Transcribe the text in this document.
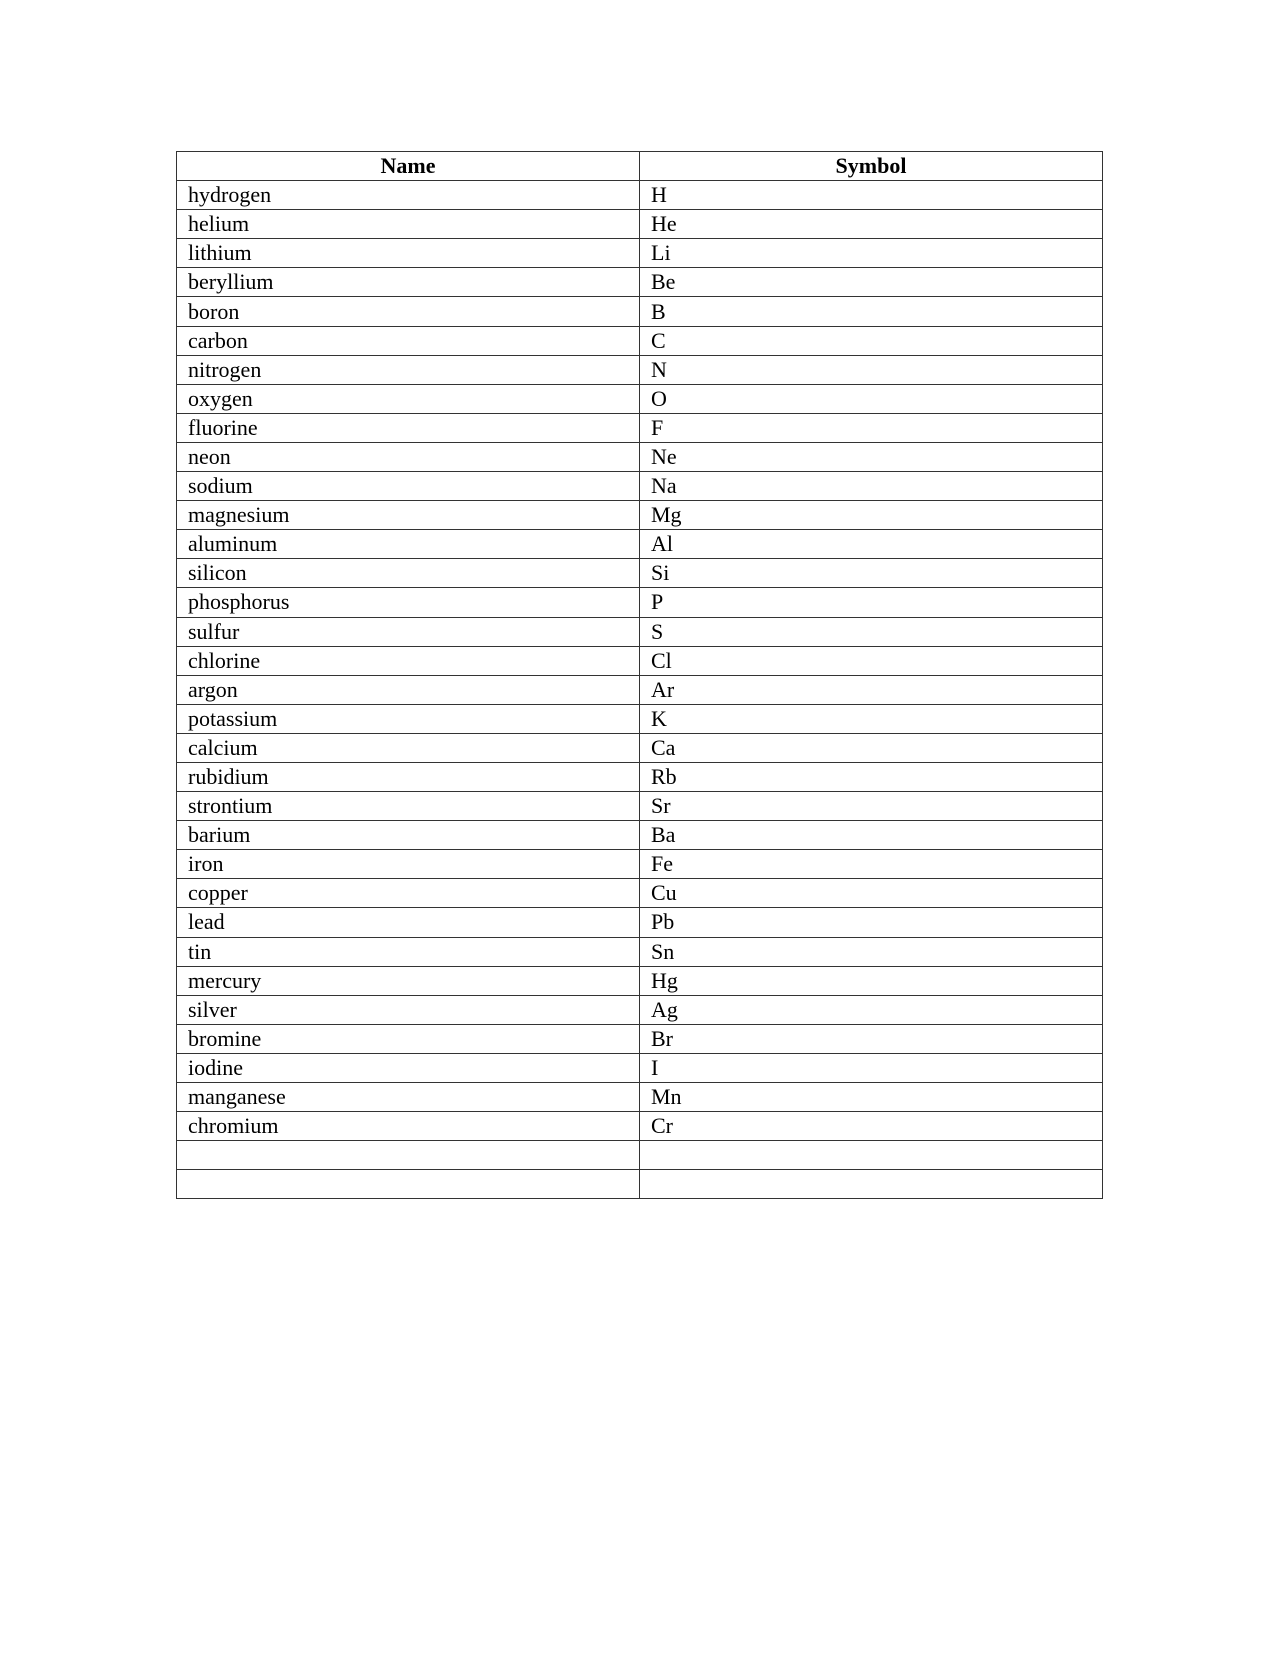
Name	Symbol
hydrogen	H
helium	He
lithium	Li
beryllium	Be
boron	B
carbon	C
nitrogen	N
oxygen	O
fluorine	F
neon	Ne
sodium	Na
magnesium	Mg
aluminum	Al
silicon	Si
phosphorus	P
sulfur	S
chlorine	Cl
argon	Ar
potassium	K
calcium	Ca
rubidium	Rb
strontium	Sr
barium	Ba
iron	Fe
copper	Cu
lead	Pb
tin	Sn
mercury	Hg
silver	Ag
bromine	Br
iodine	I
manganese	Mn
chromium	Cr
